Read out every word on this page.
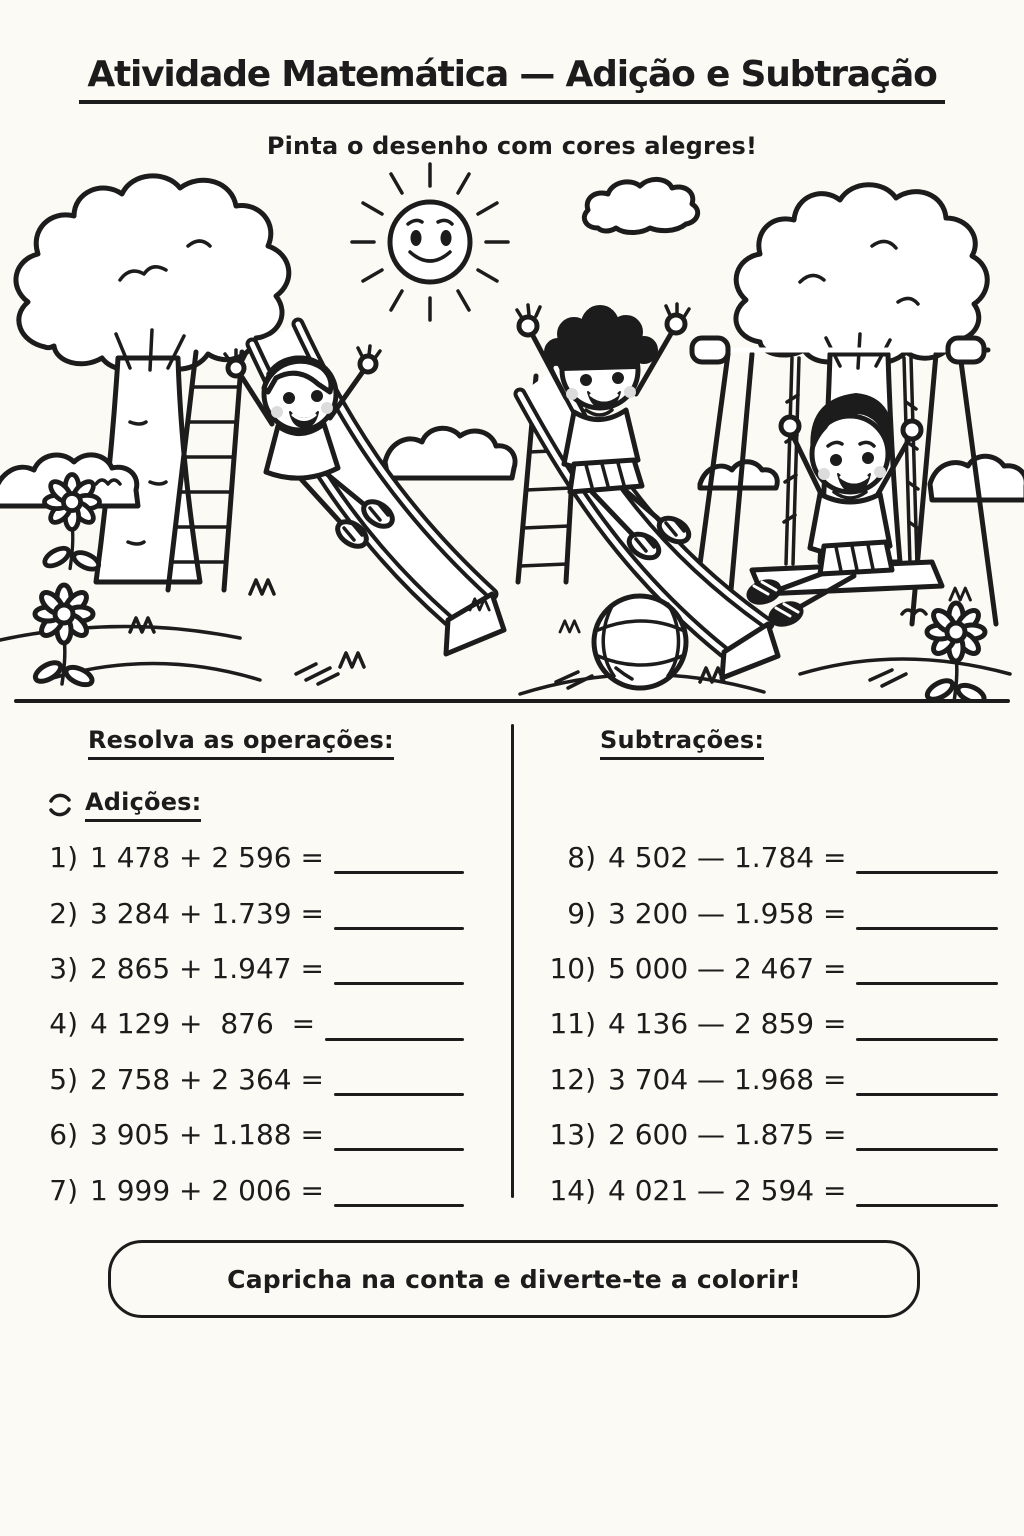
Atividade Matemática — Adição e Subtração
Pinta o desenho com cores alegres!
Resolva as operações:	Subtrações:
Adições:
1) 1 478 + 2 596 =
2) 3 284 + 1.739 =
3) 2 865 + 1.947 =
4) 4 129 +  876  =
5) 2 758 + 2 364 =
6) 3 905 + 1.188 =
7) 1 999 + 2 006 =
8) 4 502 — 1.784 =
9) 3 200 — 1.958 =
10) 5 000 — 2 467 =
11) 4 136 — 2 859 =
12) 3 704 — 1.968 =
13) 2 600 — 1.875 =
14) 4 021 — 2 594 =
Capricha na conta e diverte-te a colorir!
